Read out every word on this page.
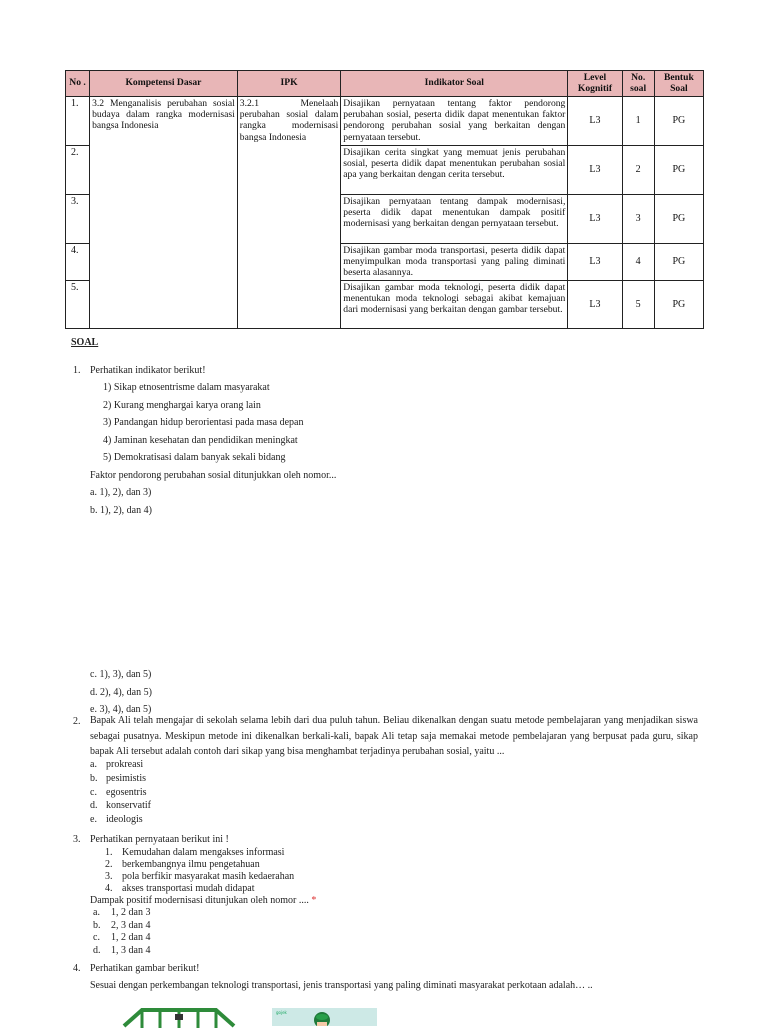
No .	Kompetensi Dasar	IPK	Indikator Soal	Level Kognitif	No. soal	Bentuk Soal
1.	3.2 Menganalisis perubahan sosial budaya dalam rangka modernisasi bangsa Indonesia	3.2.1 Menelaah perubahan sosial dalam rangka modernisasi bangsa Indonesia	Disajikan pernyataan tentang faktor pendorong perubahan sosial, peserta didik dapat menentukan faktor pendorong perubahan sosial yang berkaitan dengan pernyataan tersebut.	L3	1	PG
2.			Disajikan cerita singkat yang memuat jenis perubahan sosial, peserta didik dapat menentukan perubahan sosial apa yang berkaitan dengan cerita tersebut.	L3	2	PG
3.			Disajikan pernyataan tentang dampak modernisasi, peserta didik dapat menentukan dampak positif modernisasi yang berkaitan dengan pernyataan tersebut.	L3	3	PG
4.			Disajikan gambar moda transportasi, peserta didik dapat menyimpulkan moda transportasi yang paling diminati beserta alasannya.	L3	4	PG
5.			Disajikan gambar moda teknologi, peserta didik dapat menentukan moda teknologi sebagai akibat kemajuan dari modernisasi yang berkaitan dengan gambar tersebut.	L3	5	PG
SOAL
1. Perhatikan indikator berikut!
1) Sikap etnosentrisme dalam masyarakat
2) Kurang menghargai karya orang lain
3) Pandangan hidup berorientasi pada masa depan
4) Jaminan kesehatan dan pendidikan meningkat
5) Demokratisasi dalam banyak sekali bidang
Faktor pendorong perubahan sosial ditunjukkan oleh nomor...
a. 1), 2), dan 3)
b. 1), 2), dan 4)
c. 1), 3), dan 5)
d. 2), 4), dan 5)
e. 3), 4), dan 5)
2. Bapak Ali telah mengajar di sekolah selama lebih dari dua puluh tahun. Beliau dikenalkan dengan suatu metode pembelajaran yang menjadikan siswa sebagai pusatnya. Meskipun metode ini dikenalkan berkali-kali, bapak Ali tetap saja memakai metode pembelajaran yang berpusat pada guru, sikap bapak Ali tersebut adalah contoh dari sikap yang bisa menghambat terjadinya perubahan sosial, yaitu ...
a. prokreasi
b. pesimistis
c. egosentris
d. konservatif
e. ideologis
3. Perhatikan pernyataan berikut ini !
1. Kemudahan dalam mengakses informasi
2. berkembangnya ilmu pengetahuan
3. pola berfikir masyarakat masih kedaerahan
4. akses transportasi mudah didapat
Dampak positif modernisasi ditunjukan oleh nomor .... *
a. 1, 2 dan 3
b. 2, 3 dan 4
c. 1, 2 dan 4
d. 1, 3 dan 4
4. Perhatikan gambar berikut!
Sesuai dengan perkembangan teknologi transportasi, jenis transportasi yang paling diminati masyarakat perkotaan adalah… ..
gojek
